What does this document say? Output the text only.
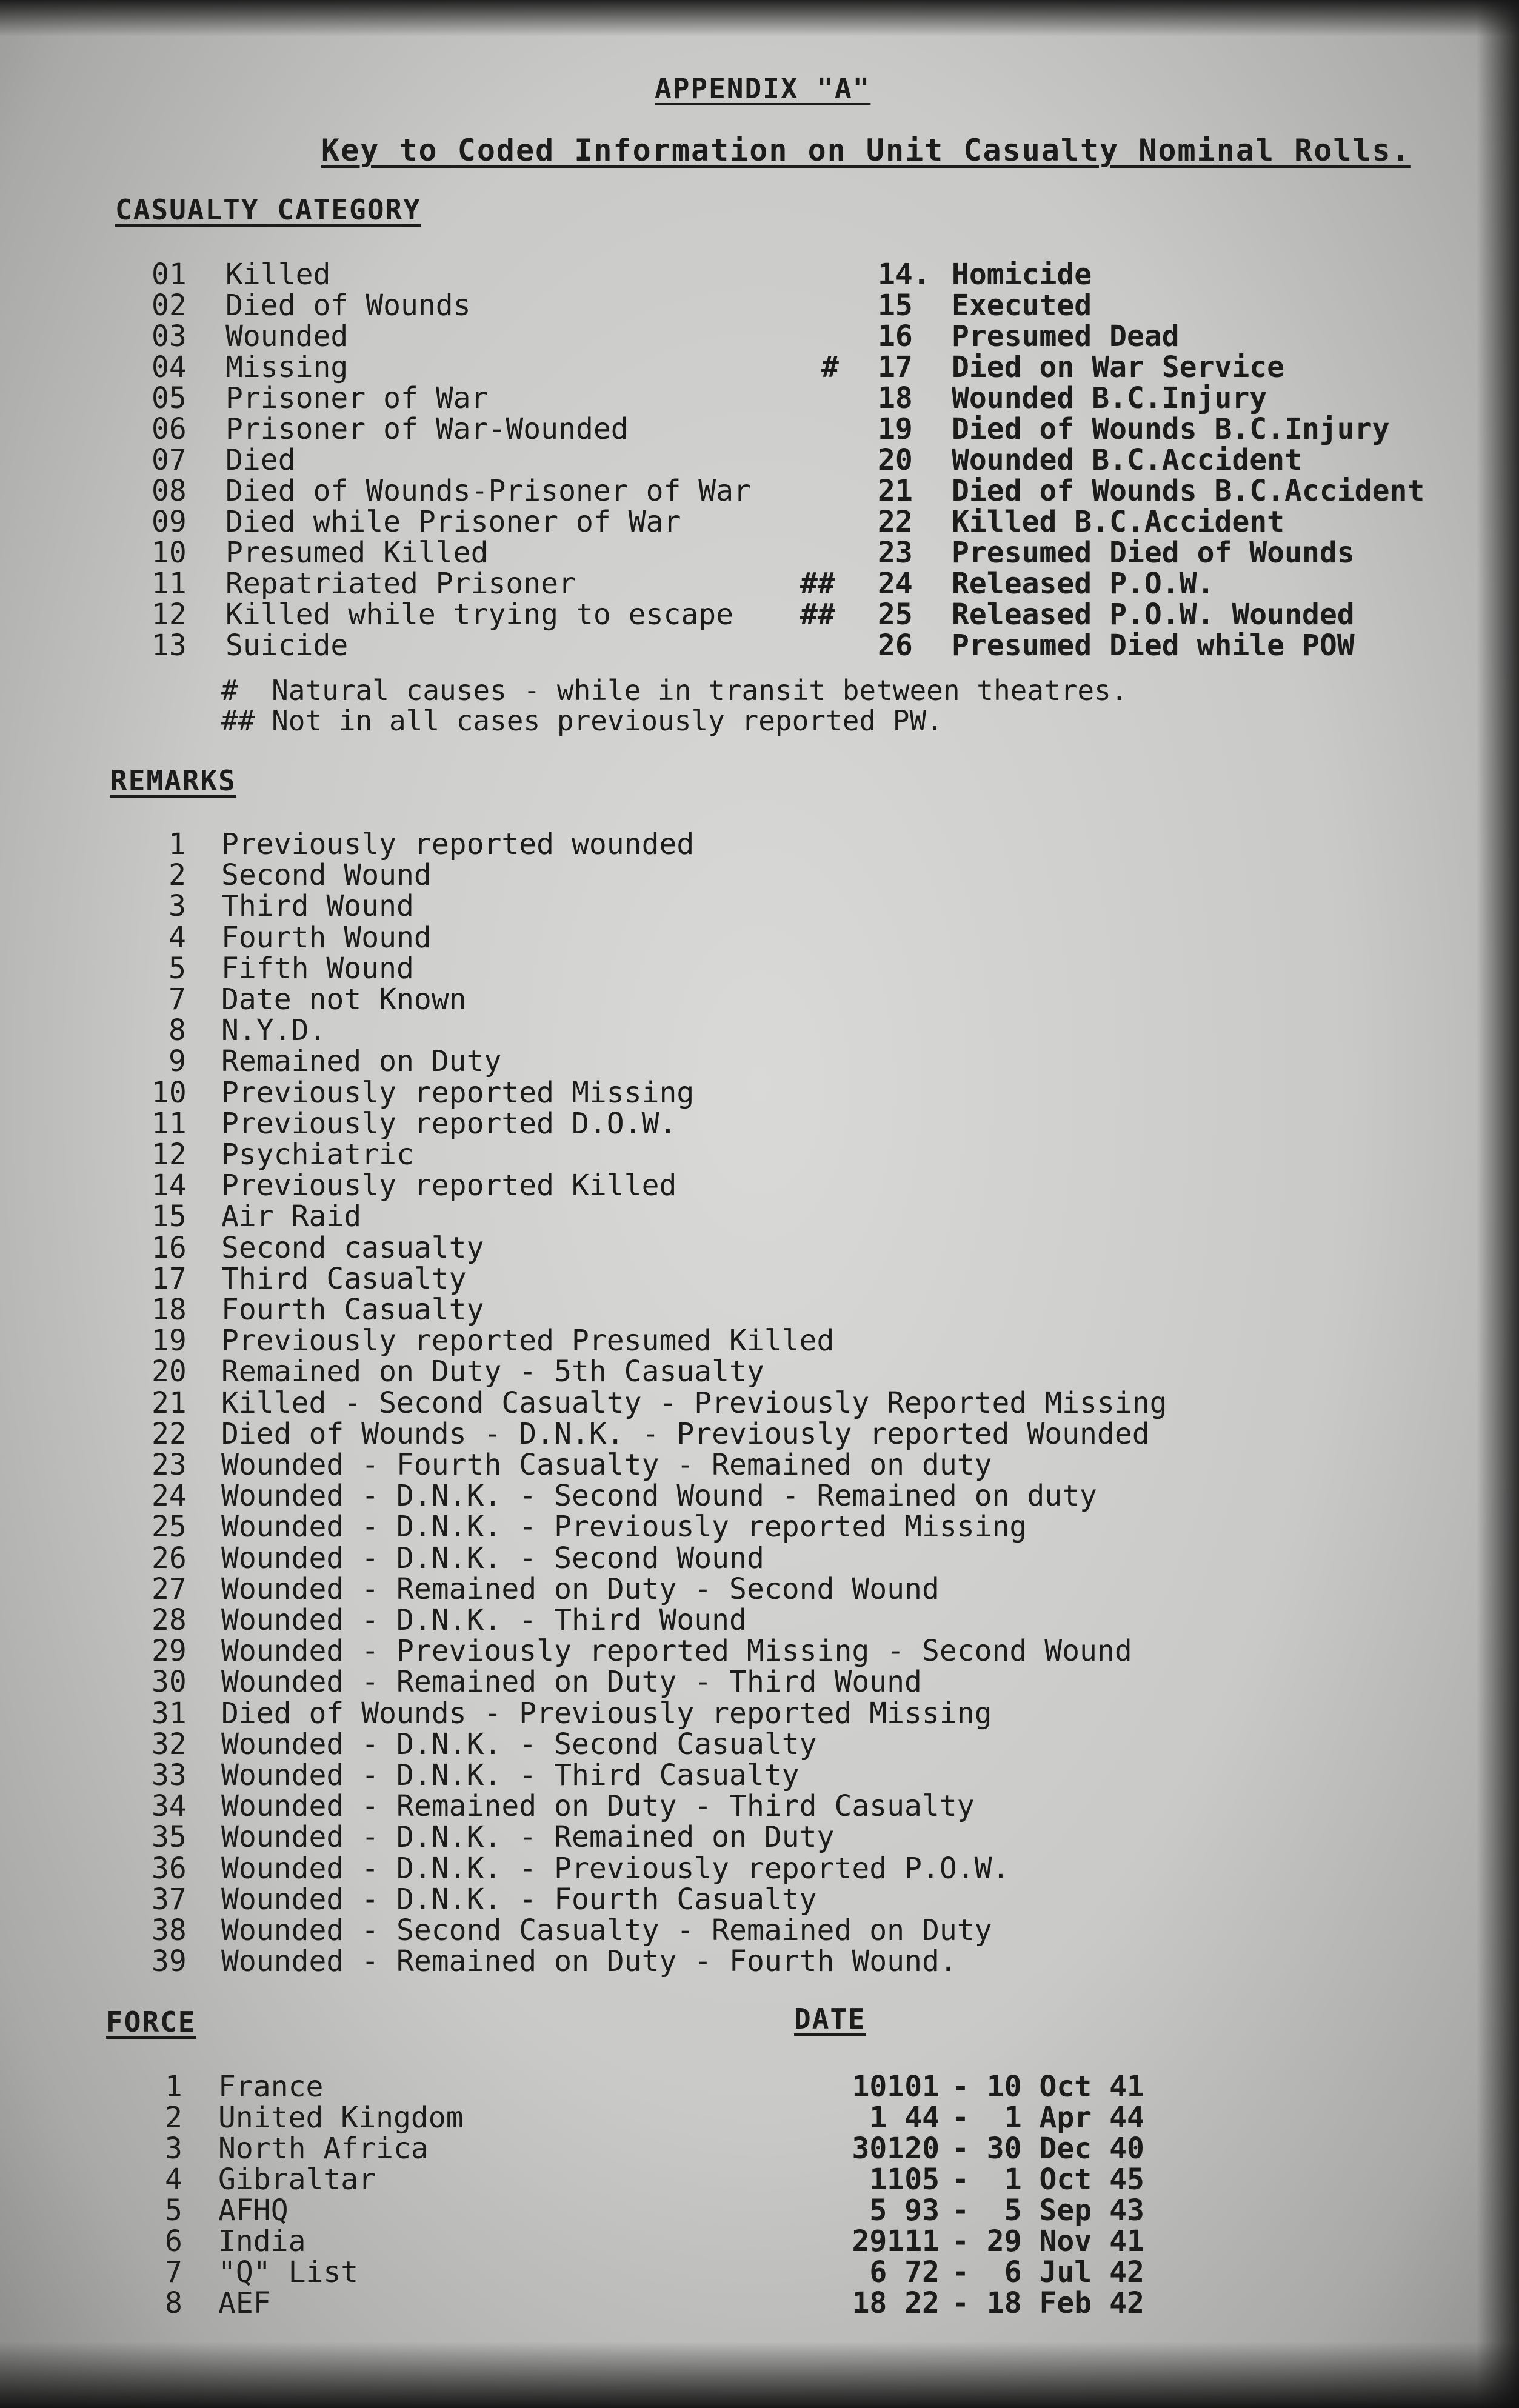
APPENDIX "A"
Key to Coded Information on Unit Casualty Nominal Rolls.
CASUALTY CATEGORY
01 Killed
02 Died of Wounds
03 Wounded
04 Missing
05 Prisoner of War
06 Prisoner of War-Wounded
07 Died
08 Died of Wounds-Prisoner of War
09 Died while Prisoner of War
10 Presumed Killed
11 Repatriated Prisoner
12 Killed while trying to escape
13 Suicide
14. Homicide
15 Executed
16 Presumed Dead
# 17 Died on War Service
18 Wounded B.C.Injury
19 Died of Wounds B.C.Injury
20 Wounded B.C.Accident
21 Died of Wounds B.C.Accident
22 Killed B.C.Accident
23 Presumed Died of Wounds
## 24 Released P.O.W.
## 25 Released P.O.W. Wounded
26 Presumed Died while POW
#  Natural causes - while in transit between theatres.
## Not in all cases previously reported PW.
REMARKS
1 Previously reported wounded
2 Second Wound
3 Third Wound
4 Fourth Wound
5 Fifth Wound
7 Date not Known
8 N.Y.D.
9 Remained on Duty
10 Previously reported Missing
11 Previously reported D.O.W.
12 Psychiatric
14 Previously reported Killed
15 Air Raid
16 Second casualty
17 Third Casualty
18 Fourth Casualty
19 Previously reported Presumed Killed
20 Remained on Duty - 5th Casualty
21 Killed - Second Casualty - Previously Reported Missing
22 Died of Wounds - D.N.K. - Previously reported Wounded
23 Wounded - Fourth Casualty - Remained on duty
24 Wounded - D.N.K. - Second Wound - Remained on duty
25 Wounded - D.N.K. - Previously reported Missing
26 Wounded - D.N.K. - Second Wound
27 Wounded - Remained on Duty - Second Wound
28 Wounded - D.N.K. - Third Wound
29 Wounded - Previously reported Missing - Second Wound
30 Wounded - Remained on Duty - Third Wound
31 Died of Wounds - Previously reported Missing
32 Wounded - D.N.K. - Second Casualty
33 Wounded - D.N.K. - Third Casualty
34 Wounded - Remained on Duty - Third Casualty
35 Wounded - D.N.K. - Remained on Duty
36 Wounded - D.N.K. - Previously reported P.O.W.
37 Wounded - D.N.K. - Fourth Casualty
38 Wounded - Second Casualty - Remained on Duty
39 Wounded - Remained on Duty - Fourth Wound.
FORCE
1 France
2 United Kingdom
3 North Africa
4 Gibraltar
5 AFHQ
6 India
7 "Q" List
8 AEF
DATE
10101 - 10 Oct 41
1 44 -  1 Apr 44
30120 - 30 Dec 40
1105 -  1 Oct 45
5 93 -  5 Sep 43
29111 - 29 Nov 41
6 72 -  6 Jul 42
18 22 - 18 Feb 42
